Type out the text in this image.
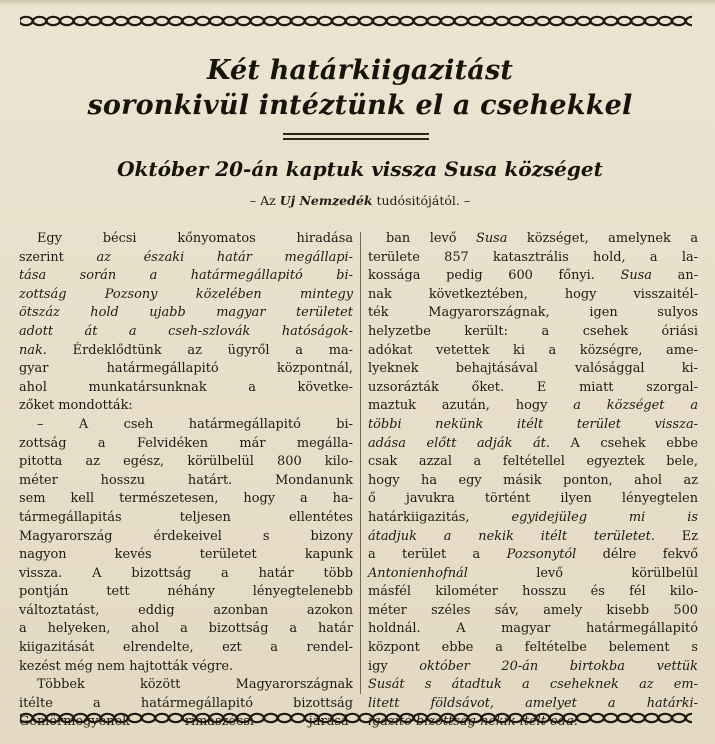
Két határkiigazitást
soronkivül intéztünk el a csehekkel
Október 20-án kaptuk vissza Susa községet
– Az Uj Nemzedék tudósitójától. –
Egy bécsi kőnyomatos hiradása
szerint az északi határ megállapi-
tása során a határmegállapitó bi-
zottság Pozsony közelében mintegy
ötszáz hold ujabb magyar területet
adott át a cseh-szlovák hatóságok-
nak. Érdeklődtünk az ügyről a ma-
gyar határmegállapitó központnál,
ahol munkatársunknak a követke-
zőket mondották:
– A cseh határmegállapitó bi-
zottság a Felvidéken már megálla-
pitotta az egész, körülbelül 800 kilo-
méter hosszu határt. Mondanunk
sem kell természetesen, hogy a ha-
tármegállapitás teljesen ellentétes
Magyarország érdekeivel s bizony
nagyon kevés területet kapunk
vissza. A bizottság a határ több
pontján tett néhány lényegtelenebb
változtatást, eddig azonban azokon
a helyeken, ahol a bizottság a határ
kiigazitását elrendelte, ezt a rendel-
kezést még nem hajtották végre.
Többek között Magyarországnak
itélte a határmegállapitó bizottság
Gömörmegyének rimaszécsi járásá-
ban levő Susa községet, amelynek a
területe 857 katasztrális hold, a la-
kossága pedig 600 főnyi. Susa an-
nak következtében, hogy visszaitél-
ték Magyarországnak, igen sulyos
helyzetbe került: a csehek óriási
adókat vetettek ki a községre, ame-
lyeknek behajtásával valósággal ki-
uzsorázták őket. E miatt szorgal-
maztuk azután, hogy a községet a
többi nekünk itélt terület vissza-
adása előtt adják át. A csehek ebbe
csak azzal a feltétellel egyeztek bele,
hogy ha egy másik ponton, ahol az
ő javukra történt ilyen lényegtelen
határkiigazitás, egyidejüleg mi is
átadjuk a nekik itélt területet. Ez
a terület a Pozsonytól délre fekvő
Antonienhofnál levő körülbelül
másfél kilométer hosszu és fél kilo-
méter széles sáv, amely kisebb 500
holdnál. A magyar határmegállapitó
központ ebbe a feltételbe belement s
igy október 20-án birtokba vettük
Susát s átadtuk a cseheknek az em-
litett földsávot, amelyet a határki-
igazitó bizottság nekik itélt oda.
